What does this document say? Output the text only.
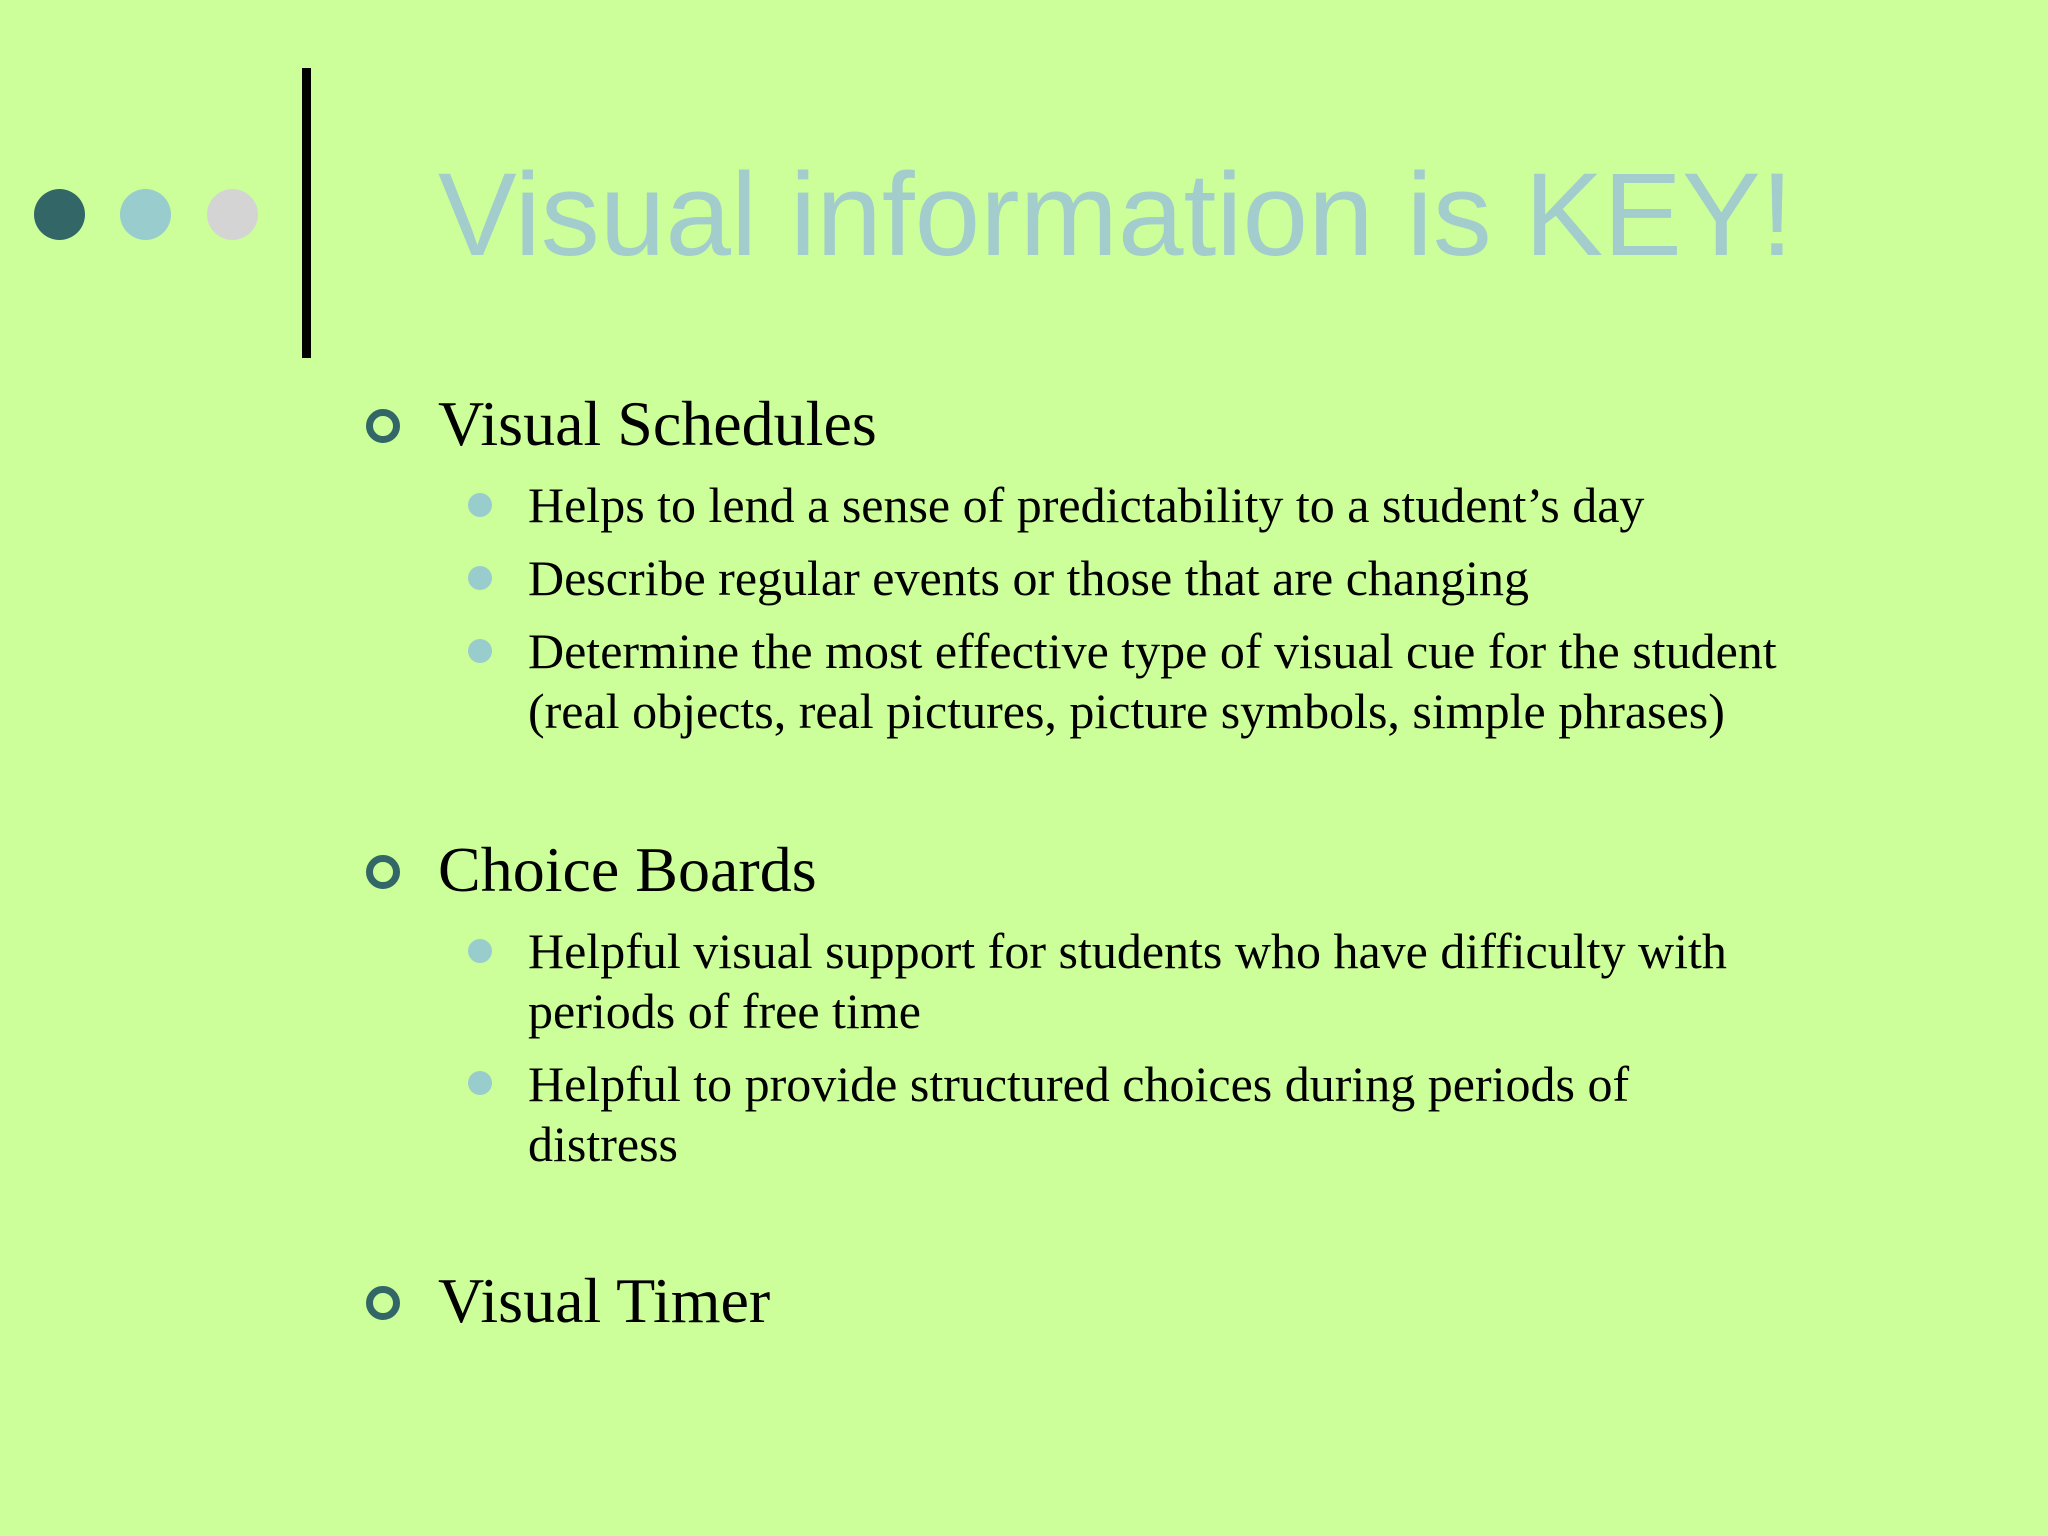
Visual information is KEY!
Visual Schedules
Helps to lend a sense of predictability to a student’s day
Describe regular events or those that are changing
Determine the most effective type of visual cue for the student
(real objects, real pictures, picture symbols, simple phrases)
Choice Boards
Helpful visual support for students who have difficulty with
periods of free time
Helpful to provide structured choices during periods of
distress
Visual Timer
